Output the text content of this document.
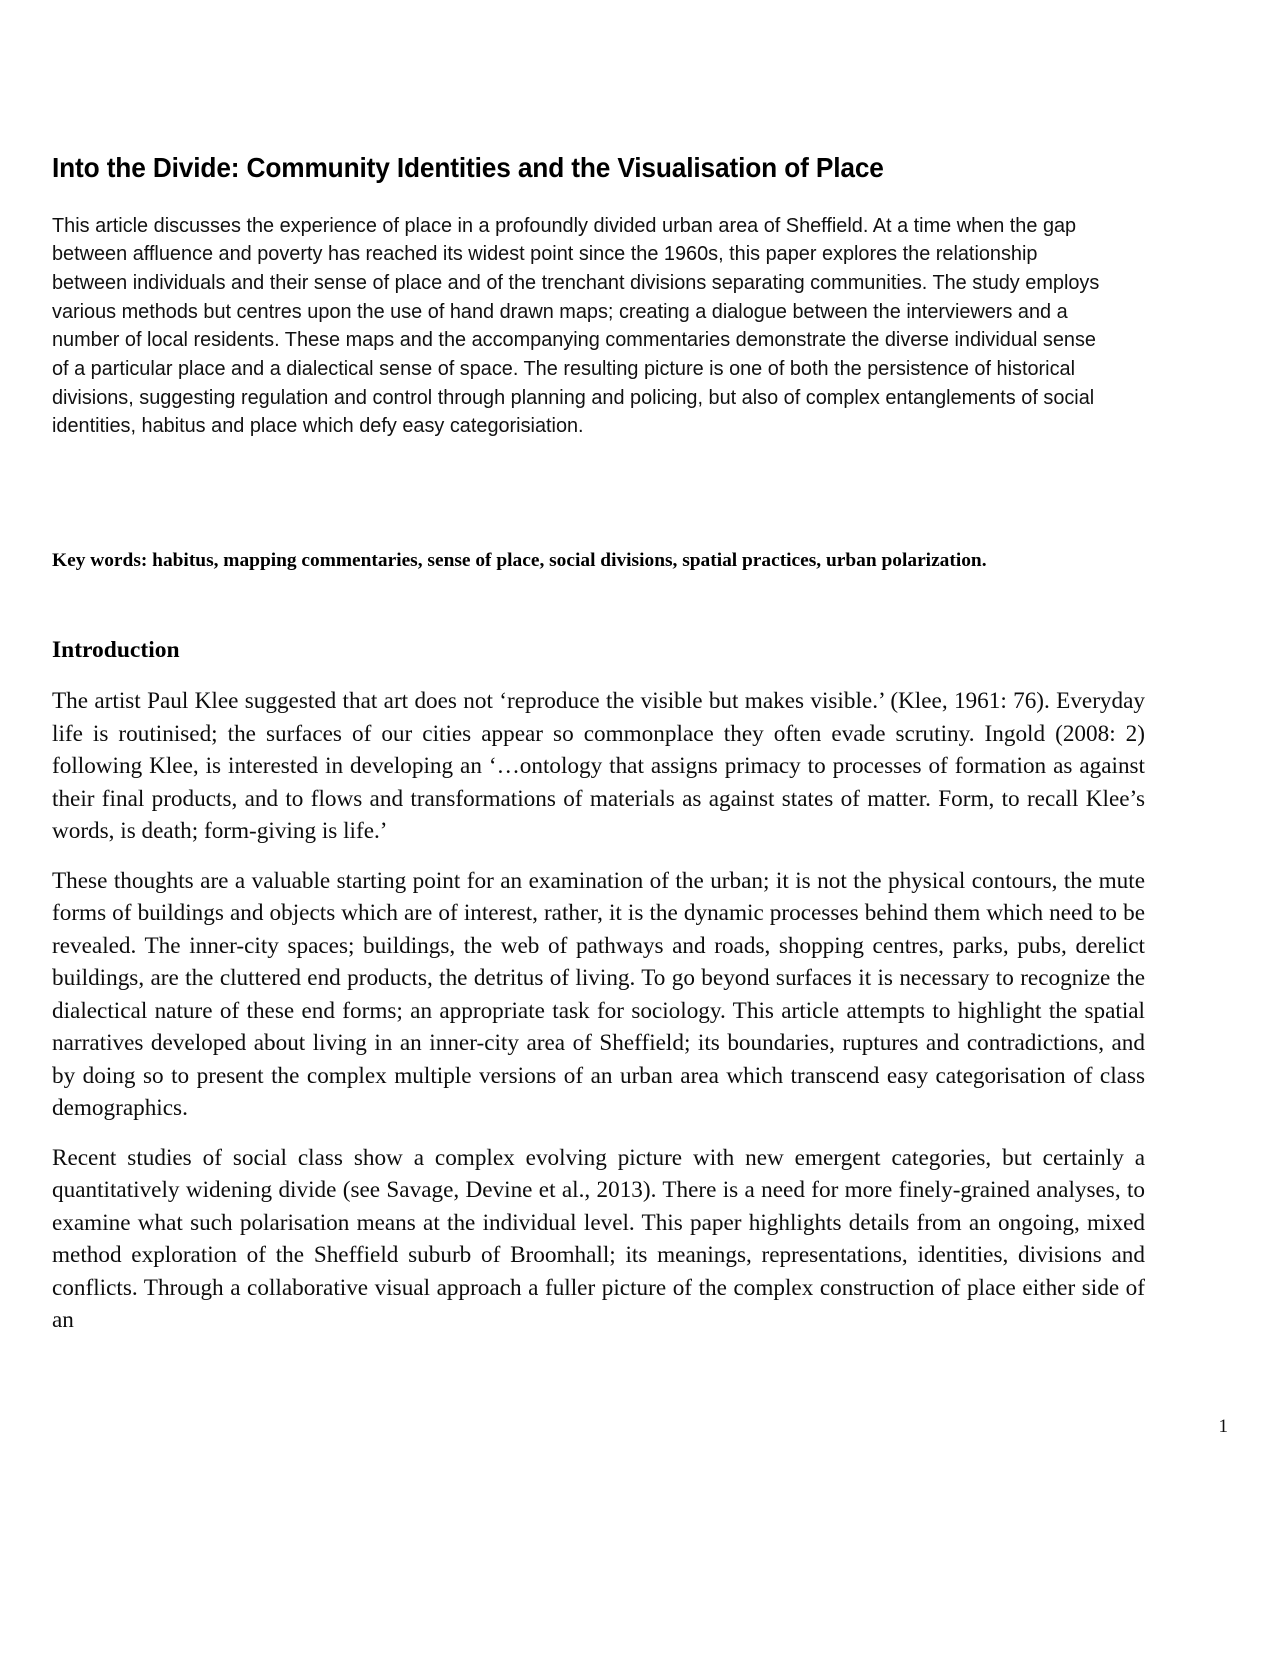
Into the Divide: Community Identities and the Visualisation of Place

This article discusses the experience of place in a profoundly divided urban area of Sheffield. At a time when the gap between affluence and poverty has reached its widest point since the 1960s, this paper explores the relationship between individuals and their sense of place and of the trenchant divisions separating communities. The study employs various methods but centres upon the use of hand drawn maps; creating a dialogue between the interviewers and a number of local residents. These maps and the accompanying commentaries demonstrate the diverse individual sense of a particular place and a dialectical sense of space. The resulting picture is one of both the persistence of historical divisions, suggesting regulation and control through planning and policing, but also of complex entanglements of social identities, habitus and place which defy easy categorisiation.

Key words: habitus, mapping commentaries, sense of place, social divisions, spatial practices, urban polarization.

Introduction

The artist Paul Klee suggested that art does not ‘reproduce the visible but makes visible.’ (Klee, 1961: 76). Everyday life is routinised; the surfaces of our cities appear so commonplace they often evade scrutiny. Ingold (2008: 2) following Klee, is interested in developing an ‘…ontology that assigns primacy to processes of formation as against their final products, and to flows and transformations of materials as against states of matter. Form, to recall Klee’s words, is death; form-giving is life.’

These thoughts are a valuable starting point for an examination of the urban; it is not the physical contours, the mute forms of buildings and objects which are of interest, rather, it is the dynamic processes behind them which need to be revealed. The inner-city spaces; buildings, the web of pathways and roads, shopping centres, parks, pubs, derelict buildings, are the cluttered end products, the detritus of living. To go beyond surfaces it is necessary to recognize the dialectical nature of these end forms; an appropriate task for sociology. This article attempts to highlight the spatial narratives developed about living in an inner-city area of Sheffield; its boundaries, ruptures and contradictions, and by doing so to present the complex multiple versions of an urban area which transcend easy categorisation of class demographics.

Recent studies of social class show a complex evolving picture with new emergent categories, but certainly a quantitatively widening divide (see Savage, Devine et al., 2013). There is a need for more finely-grained analyses, to examine what such polarisation means at the individual level. This paper highlights details from an ongoing, mixed method exploration of the Sheffield suburb of Broomhall; its meanings, representations, identities, divisions and conflicts. Through a collaborative visual approach a fuller picture of the complex construction of place either side of an

1
